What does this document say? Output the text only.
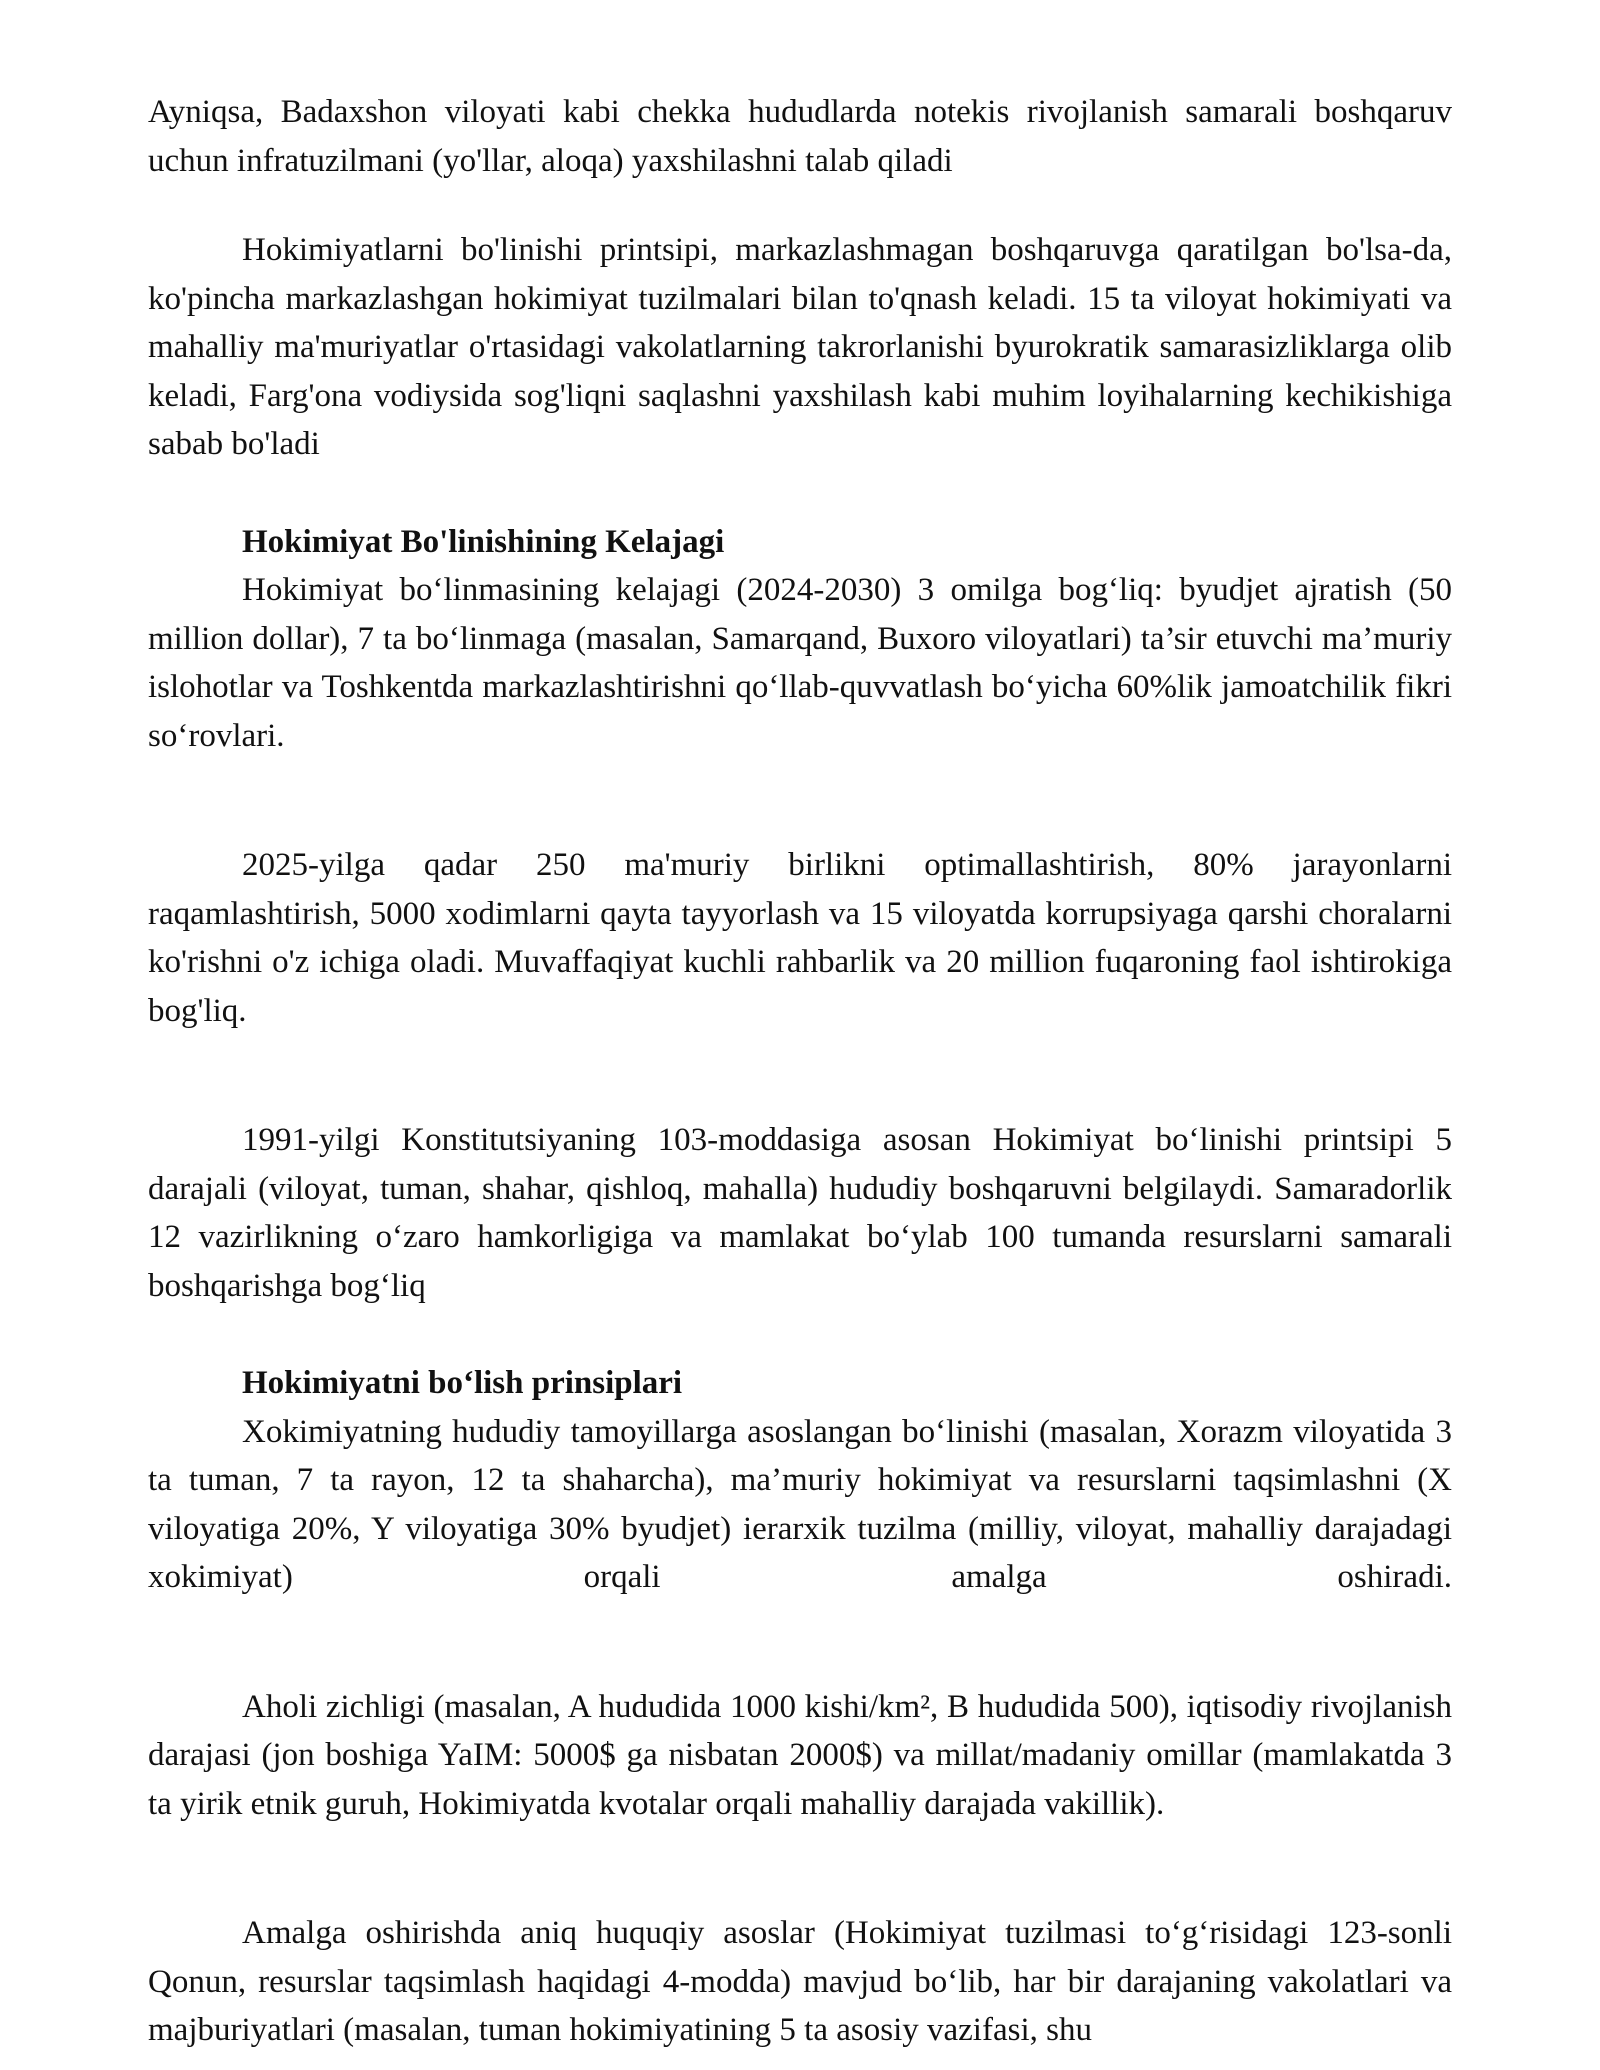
Ayniqsa, Badaxshon viloyati kabi chekka hududlarda notekis rivojlanish samarali boshqaruv uchun infratuzilmani (yo'llar, aloqa) yaxshilashni talab qiladi

Hokimiyatlarni bo'linishi printsipi, markazlashmagan boshqaruvga qaratilgan bo'lsa-da, ko'pincha markazlashgan hokimiyat tuzilmalari bilan to'qnash keladi. 15 ta viloyat hokimiyati va mahalliy ma'muriyatlar o'rtasidagi vakolatlarning takrorlanishi byurokratik samarasizliklarga olib keladi, Farg'ona vodiysida sog'liqni saqlashni yaxshilash kabi muhim loyihalarning kechikishiga sabab bo'ladi

Hokimiyat Bo'linishining Kelajagi

Hokimiyat bo‘linmasining kelajagi (2024-2030) 3 omilga bog‘liq: byudjet ajratish (50 million dollar), 7 ta bo‘linmaga (masalan, Samarqand, Buxoro viloyatlari) ta’sir etuvchi ma’muriy islohotlar va Toshkentda markazlashtirishni qo‘llab-quvvatlash bo‘yicha 60%lik jamoatchilik fikri so‘rovlari.

2025-yilga qadar 250 ma'muriy birlikni optimallashtirish, 80% jarayonlarni raqamlashtirish, 5000 xodimlarni qayta tayyorlash va 15 viloyatda korrupsiyaga qarshi choralarni ko'rishni o'z ichiga oladi. Muvaffaqiyat kuchli rahbarlik va 20 million fuqaroning faol ishtirokiga bog'liq.

1991-yilgi Konstitutsiyaning 103-moddasiga asosan Hokimiyat bo‘linishi printsipi 5 darajali (viloyat, tuman, shahar, qishloq, mahalla) hududiy boshqaruvni belgilaydi. Samaradorlik 12 vazirlikning o‘zaro hamkorligiga va mamlakat bo‘ylab 100 tumanda resurslarni samarali boshqarishga bog‘liq

Hokimiyatni bo‘lish prinsiplari

Xokimiyatning hududiy tamoyillarga asoslangan bo‘linishi (masalan, Xorazm viloyatida 3 ta tuman, 7 ta rayon, 12 ta shaharcha), ma’muriy hokimiyat va resurslarni taqsimlashni (X viloyatiga 20%, Y viloyatiga 30% byudjet) ierarxik tuzilma (milliy, viloyat, mahalliy darajadagi xokimiyat) orqali amalga oshiradi.

Aholi zichligi (masalan, A hududida 1000 kishi/km², B hududida 500), iqtisodiy rivojlanish darajasi (jon boshiga YaIM: 5000$ ga nisbatan 2000$) va millat/madaniy omillar (mamlakatda 3 ta yirik etnik guruh, Hokimiyatda kvotalar orqali mahalliy darajada vakillik).

Amalga oshirishda aniq huquqiy asoslar (Hokimiyat tuzilmasi to‘g‘risidagi 123-sonli Qonun, resurslar taqsimlash haqidagi 4-modda) mavjud bo‘lib, har bir darajaning vakolatlari va majburiyatlari (masalan, tuman hokimiyatining 5 ta asosiy vazifasi, shu
